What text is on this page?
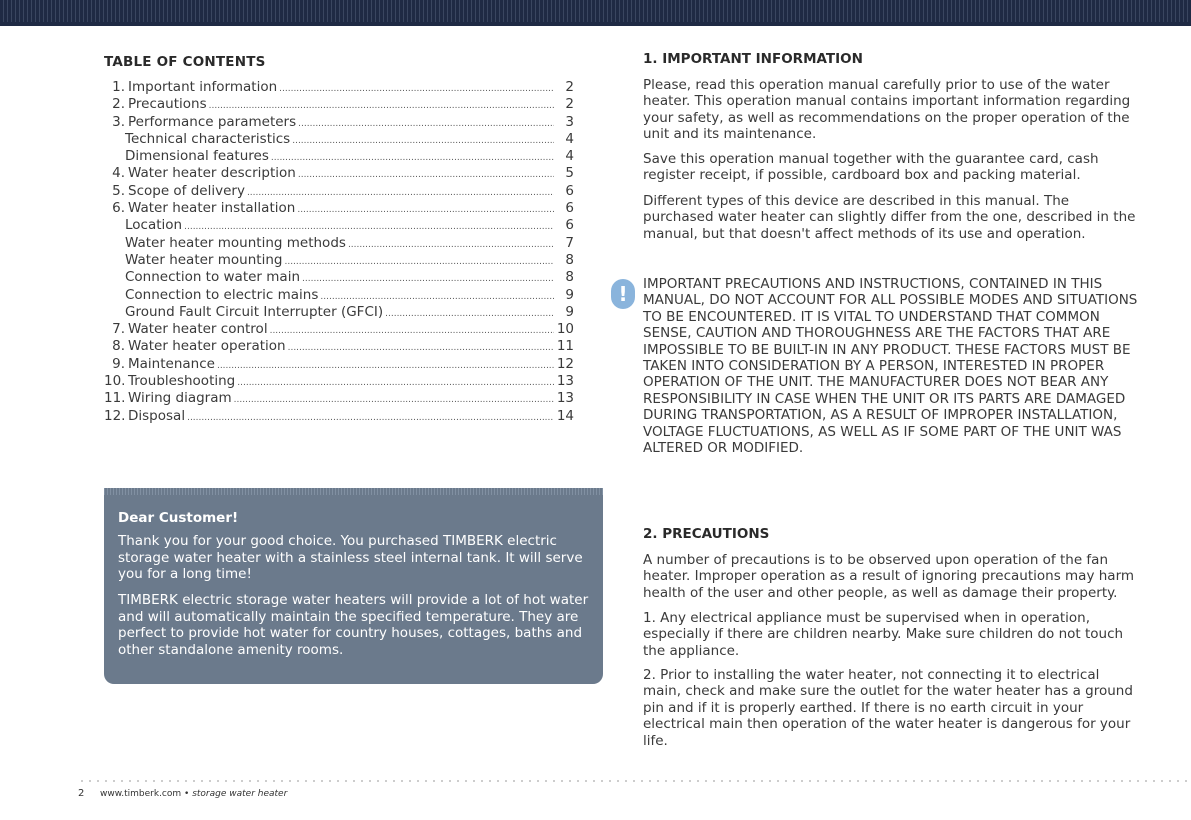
TABLE OF CONTENTS
1. Important information .....	2
2. Precautions .....	2
3. Performance parameters .....	3
Technical characteristics .....	4
Dimensional features .....	4
4. Water heater description .....	5
5. Scope of delivery .....	6
6. Water heater installation .....	6
Location .....	6
Water heater mounting methods .....	7
Water heater mounting .....	8
Connection to water main .....	8
Connection to electric mains .....	9
Ground Fault Circuit Interrupter (GFCI) .....	9
7. Water heater control .....	10
8. Water heater operation .....	11
9. Maintenance .....	12
10. Troubleshooting .....	13
11. Wiring diagram .....	13
12. Disposal .....	14
Dear Customer!

Thank you for your good choice. You purchased TIMBERK electric storage water heater with a stainless steel internal tank. It will serve you for a long time!

TIMBERK electric storage water heaters will provide a lot of hot water and will automatically maintain the specified temperature. They are perfect to provide hot water for country houses, cottages, baths and other standalone amenity rooms.

1. IMPORTANT INFORMATION

Please, read this operation manual carefully prior to use of the water heater. This operation manual contains important information regarding your safety, as well as recommendations on the proper operation of the unit and its maintenance.

Save this operation manual together with the guarantee card, cash register receipt, if possible, cardboard box and packing material.

Different types of this device are described in this manual. The purchased water heater can slightly differ from the one, described in the manual, but that doesn't affect methods of its use and operation.

!	IMPORTANT PRECAUTIONS AND INSTRUCTIONS, CONTAINED IN THIS MANUAL, DO NOT ACCOUNT FOR ALL POSSIBLE MODES AND SITUATIONS TO BE ENCOUNTERED. IT IS VITAL TO UNDERSTAND THAT COMMON SENSE, CAUTION AND THOROUGHNESS ARE THE FACTORS THAT ARE IMPOSSIBLE TO BE BUILT-IN IN ANY PRODUCT. THESE FACTORS MUST BE TAKEN INTO CONSIDERATION BY A PERSON, INTERESTED IN PROPER OPERATION OF THE UNIT. THE MANUFACTURER DOES NOT BEAR ANY RESPONSIBILITY IN CASE WHEN THE UNIT OR ITS PARTS ARE DAMAGED DURING TRANSPORTATION, AS A RESULT OF IMPROPER INSTALLATION, VOLTAGE FLUCTUATIONS, AS WELL AS IF SOME PART OF THE UNIT WAS ALTERED OR MODIFIED.

2. PRECAUTIONS

A number of precautions is to be observed upon operation of the fan heater. Improper operation as a result of ignoring precautions may harm health of the user and other people, as well as damage their property.

1. Any electrical appliance must be supervised when in operation, especially if there are children nearby. Make sure children do not touch the appliance.

2. Prior to installing the water heater, not connecting it to electrical main, check and make sure the outlet for the water heater has a ground pin and if it is properly earthed. If there is no earth circuit in your electrical main then operation of the water heater is dangerous for your life.

2 www.timberk.com • storage water heater
